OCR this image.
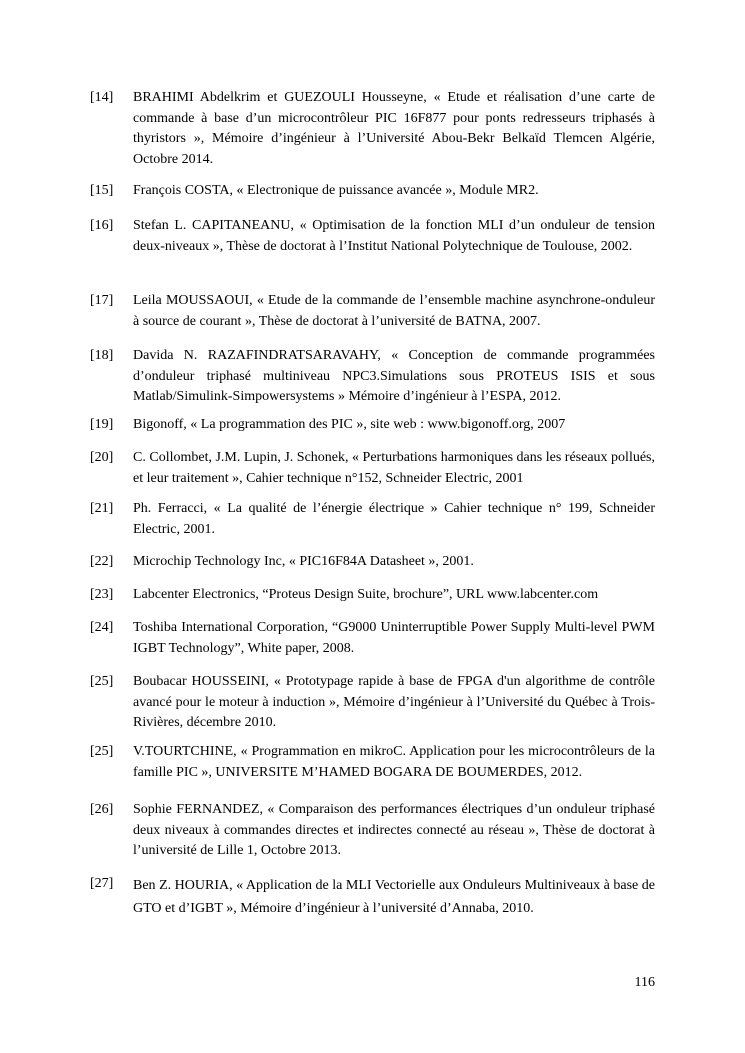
[14] BRAHIMI Abdelkrim et GUEZOULI Housseyne, « Etude et réalisation d’une carte de commande à base d’un microcontrôleur PIC 16F877 pour ponts redresseurs triphasés à thyristors », Mémoire d’ingénieur à l’Université Abou-Bekr Belkaïd Tlemcen Algérie, Octobre 2014.
[15] François COSTA, « Electronique de puissance avancée », Module MR2.
[16] Stefan L. CAPITANEANU, « Optimisation de la fonction MLI d’un onduleur de tension deux-niveaux », Thèse de doctorat à l’Institut National Polytechnique de Toulouse, 2002.
[17] Leila MOUSSAOUI, « Etude de la commande de l’ensemble machine asynchrone-onduleur à source de courant », Thèse de doctorat à l’université de BATNA, 2007.
[18] Davida N. RAZAFINDRATSARAVAHY, « Conception de commande programmées d’onduleur triphasé multiniveau NPC3.Simulations sous PROTEUS ISIS et sous Matlab/Simulink-Simpowersystems » Mémoire d’ingénieur à l’ESPA, 2012.
[19] Bigonoff, « La programmation des PIC », site web : www.bigonoff.org, 2007
[20] C. Collombet, J.M. Lupin, J. Schonek, « Perturbations harmoniques dans les réseaux pollués, et leur traitement », Cahier technique n°152, Schneider Electric, 2001
[21] Ph. Ferracci, « La qualité de l’énergie électrique » Cahier technique n° 199, Schneider Electric, 2001.
[22] Microchip Technology Inc, « PIC16F84A Datasheet », 2001.
[23] Labcenter Electronics, “Proteus Design Suite, brochure”, URL www.labcenter.com
[24] Toshiba International Corporation, “G9000 Uninterruptible Power Supply Multi-level PWM IGBT Technology”, White paper, 2008.
[25] Boubacar HOUSSEINI, « Prototypage rapide à base de FPGA d'un algorithme de contrôle avancé pour le moteur à induction », Mémoire d’ingénieur à l’Université du Québec à Trois-Rivières, décembre 2010.
[25] V.TOURTCHINE, « Programmation en mikroC. Application pour les microcontrôleurs de la famille PIC », UNIVERSITE M’HAMED BOGARA DE BOUMERDES, 2012.
[26] Sophie FERNANDEZ, « Comparaison des performances électriques d’un onduleur triphasé deux niveaux à commandes directes et indirectes connecté au réseau », Thèse de doctorat à l’université de Lille 1, Octobre 2013.
[27] Ben Z. HOURIA, « Application de la MLI Vectorielle aux Onduleurs Multiniveaux à base de GTO et d’IGBT », Mémoire d’ingénieur à l’université d’Annaba, 2010.
116
